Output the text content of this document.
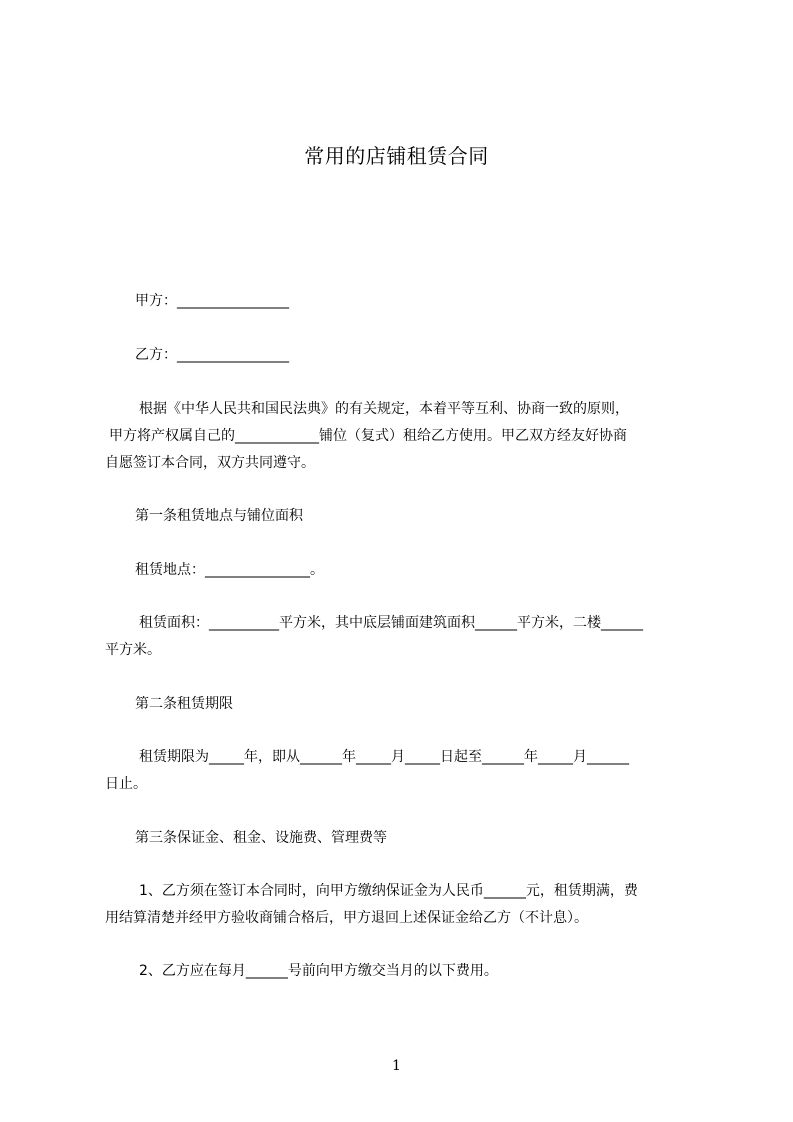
常用的店铺租赁合同
甲方：________________
乙方：________________
根据《中华人民共和国民法典》的有关规定，本着平等互利、协商一致的原则，
甲方将产权属自己的____________铺位（复式）租给乙方使用。甲乙双方经友好协商
自愿签订本合同，双方共同遵守。
第一条租赁地点与铺位面积
租赁地点：_______________。
租赁面积：__________平方米，其中底层铺面建筑面积______平方米，二楼______
平方米。
第二条租赁期限
租赁期限为_____年，即从______年_____月_____日起至______年_____月______
日止。
第三条保证金、租金、设施费、管理费等
1、乙方须在签订本合同时，向甲方缴纳保证金为人民币______元，租赁期满，费
用结算清楚并经甲方验收商铺合格后，甲方退回上述保证金给乙方（不计息）。
2、乙方应在每月______号前向甲方缴交当月的以下费用。
1
